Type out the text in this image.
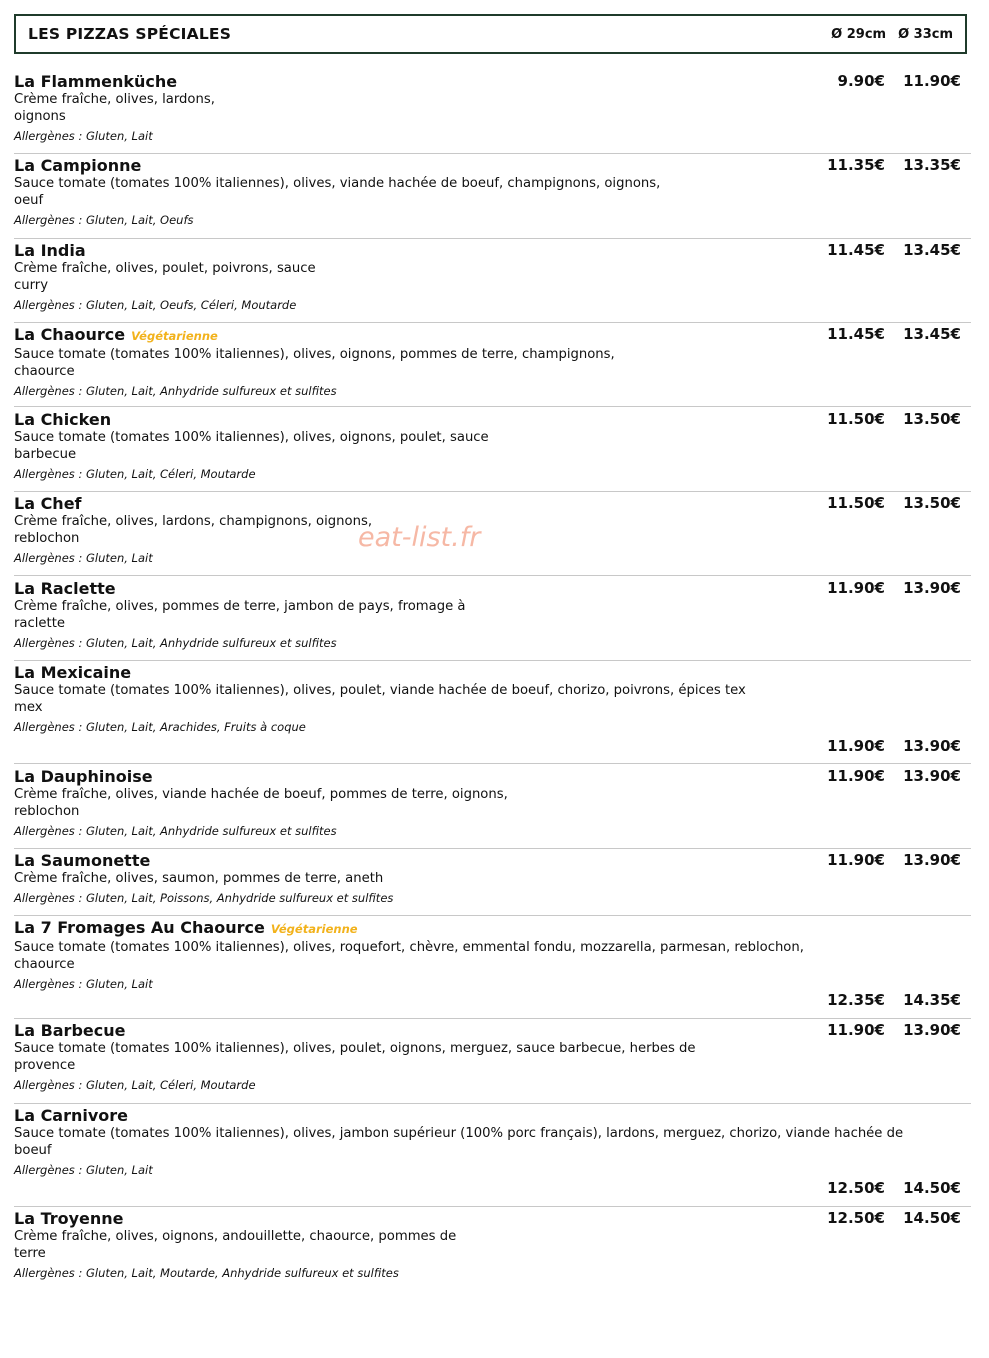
LES PIZZAS SPÉCIALES	Ø 29cm Ø 33cm
La Flammenküche
Crème fraîche, olives, lardons,
oignons
Allergènes : Gluten, Lait
9.90€	11.90€
La Campionne
Sauce tomate (tomates 100% italiennes), olives, viande hachée de boeuf, champignons, oignons,
oeuf
Allergènes : Gluten, Lait, Oeufs
11.35€	13.35€
La India
Crème fraîche, olives, poulet, poivrons, sauce
curry
Allergènes : Gluten, Lait, Oeufs, Céleri, Moutarde
11.45€	13.45€
La Chaource Végétarienne
Sauce tomate (tomates 100% italiennes), olives, oignons, pommes de terre, champignons,
chaource
Allergènes : Gluten, Lait, Anhydride sulfureux et sulfites
11.45€	13.45€
La Chicken
Sauce tomate (tomates 100% italiennes), olives, oignons, poulet, sauce
barbecue
Allergènes : Gluten, Lait, Céleri, Moutarde
11.50€	13.50€
La Chef
Crème fraîche, olives, lardons, champignons, oignons,
reblochon
Allergènes : Gluten, Lait
11.50€	13.50€
La Raclette
Crème fraîche, olives, pommes de terre, jambon de pays, fromage à
raclette
Allergènes : Gluten, Lait, Anhydride sulfureux et sulfites
11.90€	13.90€
La Mexicaine
Sauce tomate (tomates 100% italiennes), olives, poulet, viande hachée de boeuf, chorizo, poivrons, épices tex
mex
Allergènes : Gluten, Lait, Arachides, Fruits à coque
11.90€	13.90€
La Dauphinoise
Crème fraîche, olives, viande hachée de boeuf, pommes de terre, oignons,
reblochon
Allergènes : Gluten, Lait, Anhydride sulfureux et sulfites
11.90€	13.90€
La Saumonette
Crème fraîche, olives, saumon, pommes de terre, aneth
Allergènes : Gluten, Lait, Poissons, Anhydride sulfureux et sulfites
11.90€	13.90€
La 7 Fromages Au Chaource Végétarienne
Sauce tomate (tomates 100% italiennes), olives, roquefort, chèvre, emmental fondu, mozzarella, parmesan, reblochon,
chaource
Allergènes : Gluten, Lait
12.35€	14.35€
La Barbecue
Sauce tomate (tomates 100% italiennes), olives, poulet, oignons, merguez, sauce barbecue, herbes de
provence
Allergènes : Gluten, Lait, Céleri, Moutarde
11.90€	13.90€
La Carnivore
Sauce tomate (tomates 100% italiennes), olives, jambon supérieur (100% porc français), lardons, merguez, chorizo, viande hachée de
boeuf
Allergènes : Gluten, Lait
12.50€	14.50€
La Troyenne
Crème fraîche, olives, oignons, andouillette, chaource, pommes de
terre
Allergènes : Gluten, Lait, Moutarde, Anhydride sulfureux et sulfites
12.50€	14.50€
eat-list.fr
